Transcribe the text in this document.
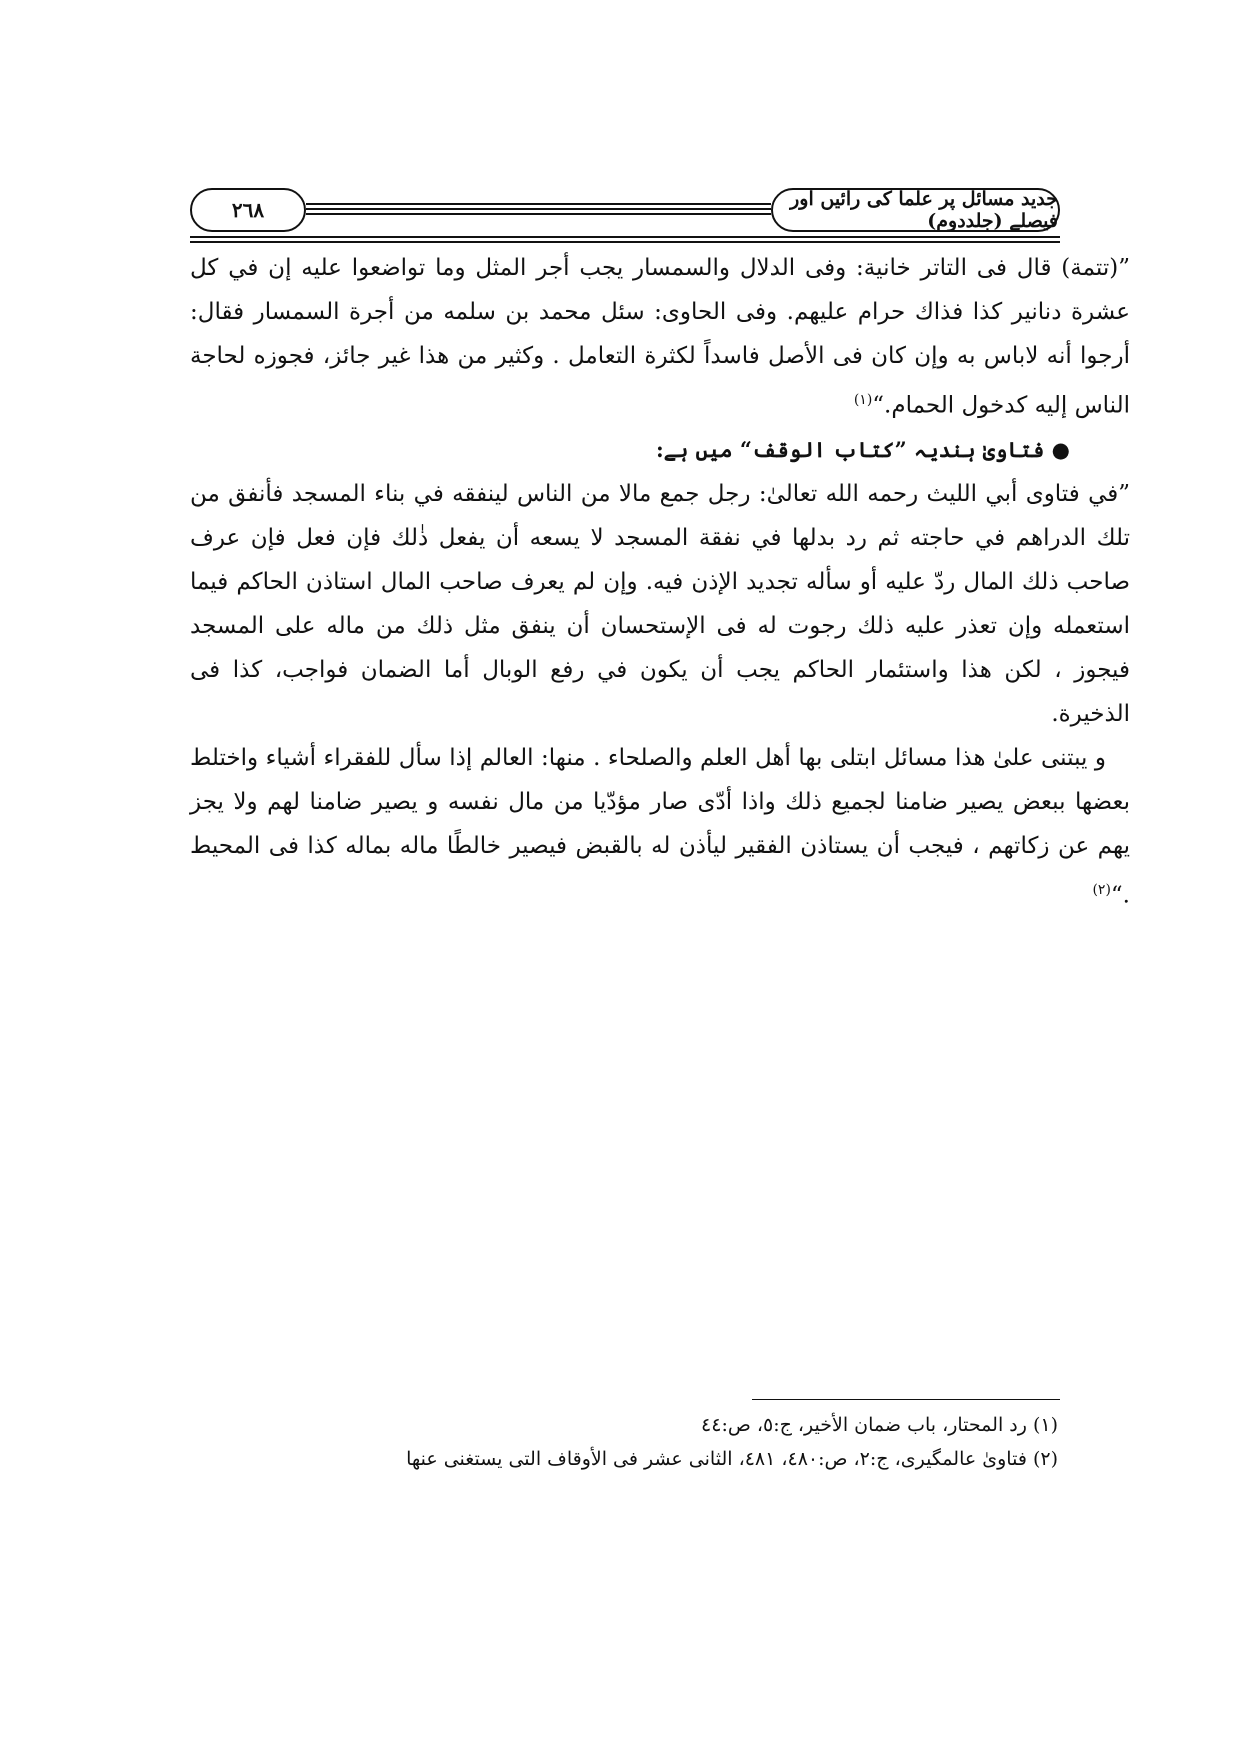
٢٦٨	جدید مسائل پر علما کی رائیں اور فیصلے (جلددوم)

”(تتمة) قال فى التاتر خانية: وفى الدلال والسمسار يجب أجر المثل وما تواضعوا عليه إن في كل عشرة دنانير كذا فذاك حرام عليهم. وفى الحاوى: سئل محمد بن سلمه من أجرة السمسار فقال: أرجوا أنه لاباس به وإن كان فى الأصل فاسداً لكثرة التعامل . وكثير من هذا غير جائز، فجوزه لحاجة الناس إليه كدخول الحمام.“$^{(١)}$

● فتاویٰ ہندیہ ”کتاب الوقف“ میں ہے:

”في فتاوى أبي الليث رحمه الله تعالىٰ: رجل جمع مالا من الناس لينفقه في بناء المسجد فأنفق من تلك الدراهم في حاجته ثم رد بدلها في نفقة المسجد لا يسعه أن يفعل ذٰلك فإن فعل فإن عرف صاحب ذلك المال ردّ عليه أو سأله تجديد الإذن فيه. وإن لم يعرف صاحب المال استاذن الحاكم فيما استعمله وإن تعذر عليه ذلك رجوت له فى الإستحسان أن ينفق مثل ذلك من ماله على المسجد فيجوز ، لكن هذا واستئمار الحاكم يجب أن يكون في رفع الوبال أما الضمان فواجب، كذا فى الذخيرة.

و يبتنى علىٰ هذا مسائل ابتلى بها أهل العلم والصلحاء . منها: العالم إذا سأل للفقراء أشياء واختلط بعضها ببعض يصير ضامنا لجميع ذلك واذا أدّى صار مؤدّيا من مال نفسه و يصير ضامنا لهم ولا يجز يهم عن زكاتهم ، فيجب أن يستاذن الفقير ليأذن له بالقبض فيصير خالطًا ماله بماله كذا فى المحيط .“$^{(٢)}$

(١) رد المحتار، باب ضمان الأخير، ج:٥، ص:٤٤
(٢) فتاویٰ عالمگیری، ج:٢، ص:٤٨٠، ٤٨١، الثانى عشر فى الأوقاف التى يستغنى عنها
